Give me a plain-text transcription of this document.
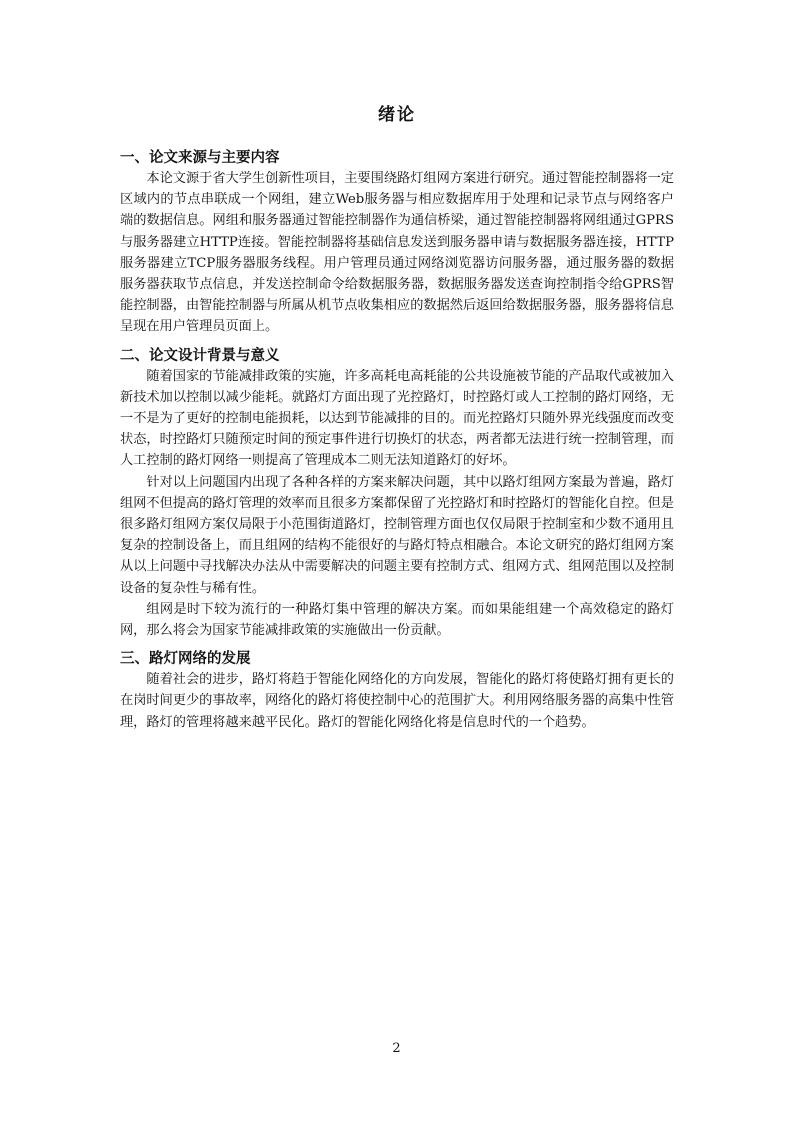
绪论
一、论文来源与主要内容

本论文源于省大学生创新性项目，主要围绕路灯组网方案进行研究。通过智能控制器将一定区域内的节点串联成一个网组，建立Web服务器与相应数据库用于处理和记录节点与网络客户端的数据信息。网组和服务器通过智能控制器作为通信桥梁，通过智能控制器将网组通过GPRS与服务器建立HTTP连接。智能控制器将基础信息发送到服务器申请与数据服务器连接，HTTP服务器建立TCP服务器服务线程。用户管理员通过网络浏览器访问服务器，通过服务器的数据服务器获取节点信息，并发送控制命令给数据服务器，数据服务器发送查询控制指令给GPRS智能控制器，由智能控制器与所属从机节点收集相应的数据然后返回给数据服务器，服务器将信息呈现在用户管理员页面上。

二、论文设计背景与意义

随着国家的节能减排政策的实施，许多高耗电高耗能的公共设施被节能的产品取代或被加入新技术加以控制以减少能耗。就路灯方面出现了光控路灯，时控路灯或人工控制的路灯网络，无一不是为了更好的控制电能损耗，以达到节能减排的目的。而光控路灯只随外界光线强度而改变状态，时控路灯只随预定时间的预定事件进行切换灯的状态，两者都无法进行统一控制管理，而人工控制的路灯网络一则提高了管理成本二则无法知道路灯的好坏。

针对以上问题国内出现了各种各样的方案来解决问题，其中以路灯组网方案最为普遍，路灯组网不但提高的路灯管理的效率而且很多方案都保留了光控路灯和时控路灯的智能化自控。但是很多路灯组网方案仅局限于小范围街道路灯，控制管理方面也仅仅局限于控制室和少数不通用且复杂的控制设备上，而且组网的结构不能很好的与路灯特点相融合。本论文研究的路灯组网方案从以上问题中寻找解决办法从中需要解决的问题主要有控制方式、组网方式、组网范围以及控制设备的复杂性与稀有性。

组网是时下较为流行的一种路灯集中管理的解决方案。而如果能组建一个高效稳定的路灯网，那么将会为国家节能减排政策的实施做出一份贡献。

三、路灯网络的发展

随着社会的进步，路灯将趋于智能化网络化的方向发展，智能化的路灯将使路灯拥有更长的在岗时间更少的事故率，网络化的路灯将使控制中心的范围扩大。利用网络服务器的高集中性管理，路灯的管理将越来越平民化。路灯的智能化网络化将是信息时代的一个趋势。

2
